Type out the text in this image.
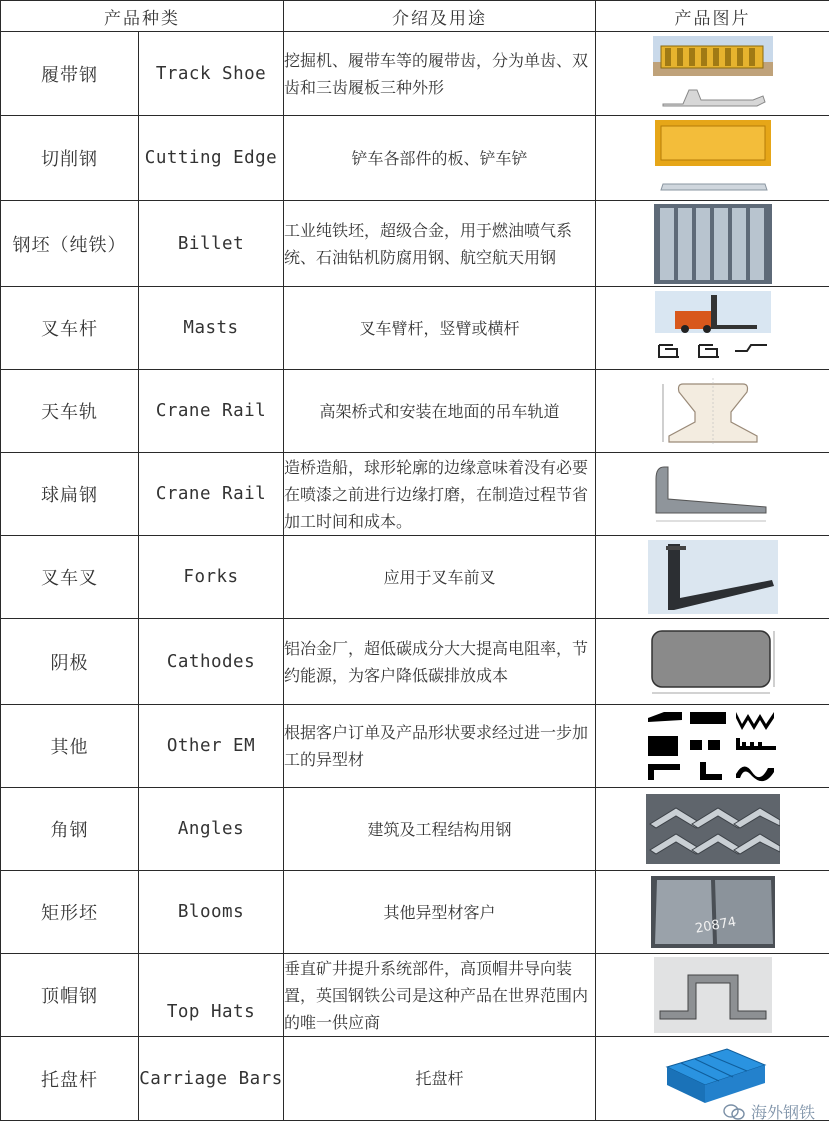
产品种类		介绍及用途	产品图片
履带钢	Track Shoe	挖掘机、履带车等的履带齿，分为单齿、双齿和三齿履板三种外形	

切削钢	Cutting Edge	铲车各部件的板、铲车铲	

钢坯（纯铁）	Billet	工业纯铁坯，超级合金，用于燃油喷气系统、石油钻机防腐用钢、航空航天用钢	

叉车杆	Masts	叉车臂杆，竖臂或横杆	

天车轨	Crane Rail	高架桥式和安装在地面的吊车轨道	

球扁钢	Crane Rail	造桥造船，球形轮廓的边缘意味着没有必要在喷漆之前进行边缘打磨，在制造过程节省加工时间和成本。	

叉车叉	Forks	应用于叉车前叉	

阴极	Cathodes	铝冶金厂，超低碳成分大大提高电阻率，节约能源，为客户降低碳排放成本	

其他	Other EM	根据客户订单及产品形状要求经过进一步加工的异型材	

角钢	Angles	建筑及工程结构用钢	

矩形坯	Blooms	其他异型材客户	20874

顶帽钢	Top Hats	垂直矿井提升系统部件，高顶帽井导向装置，英国钢铁公司是这种产品在世界范围内的唯一供应商	

托盘杆	Carriage Bars	托盘杆	
海外钢铁
